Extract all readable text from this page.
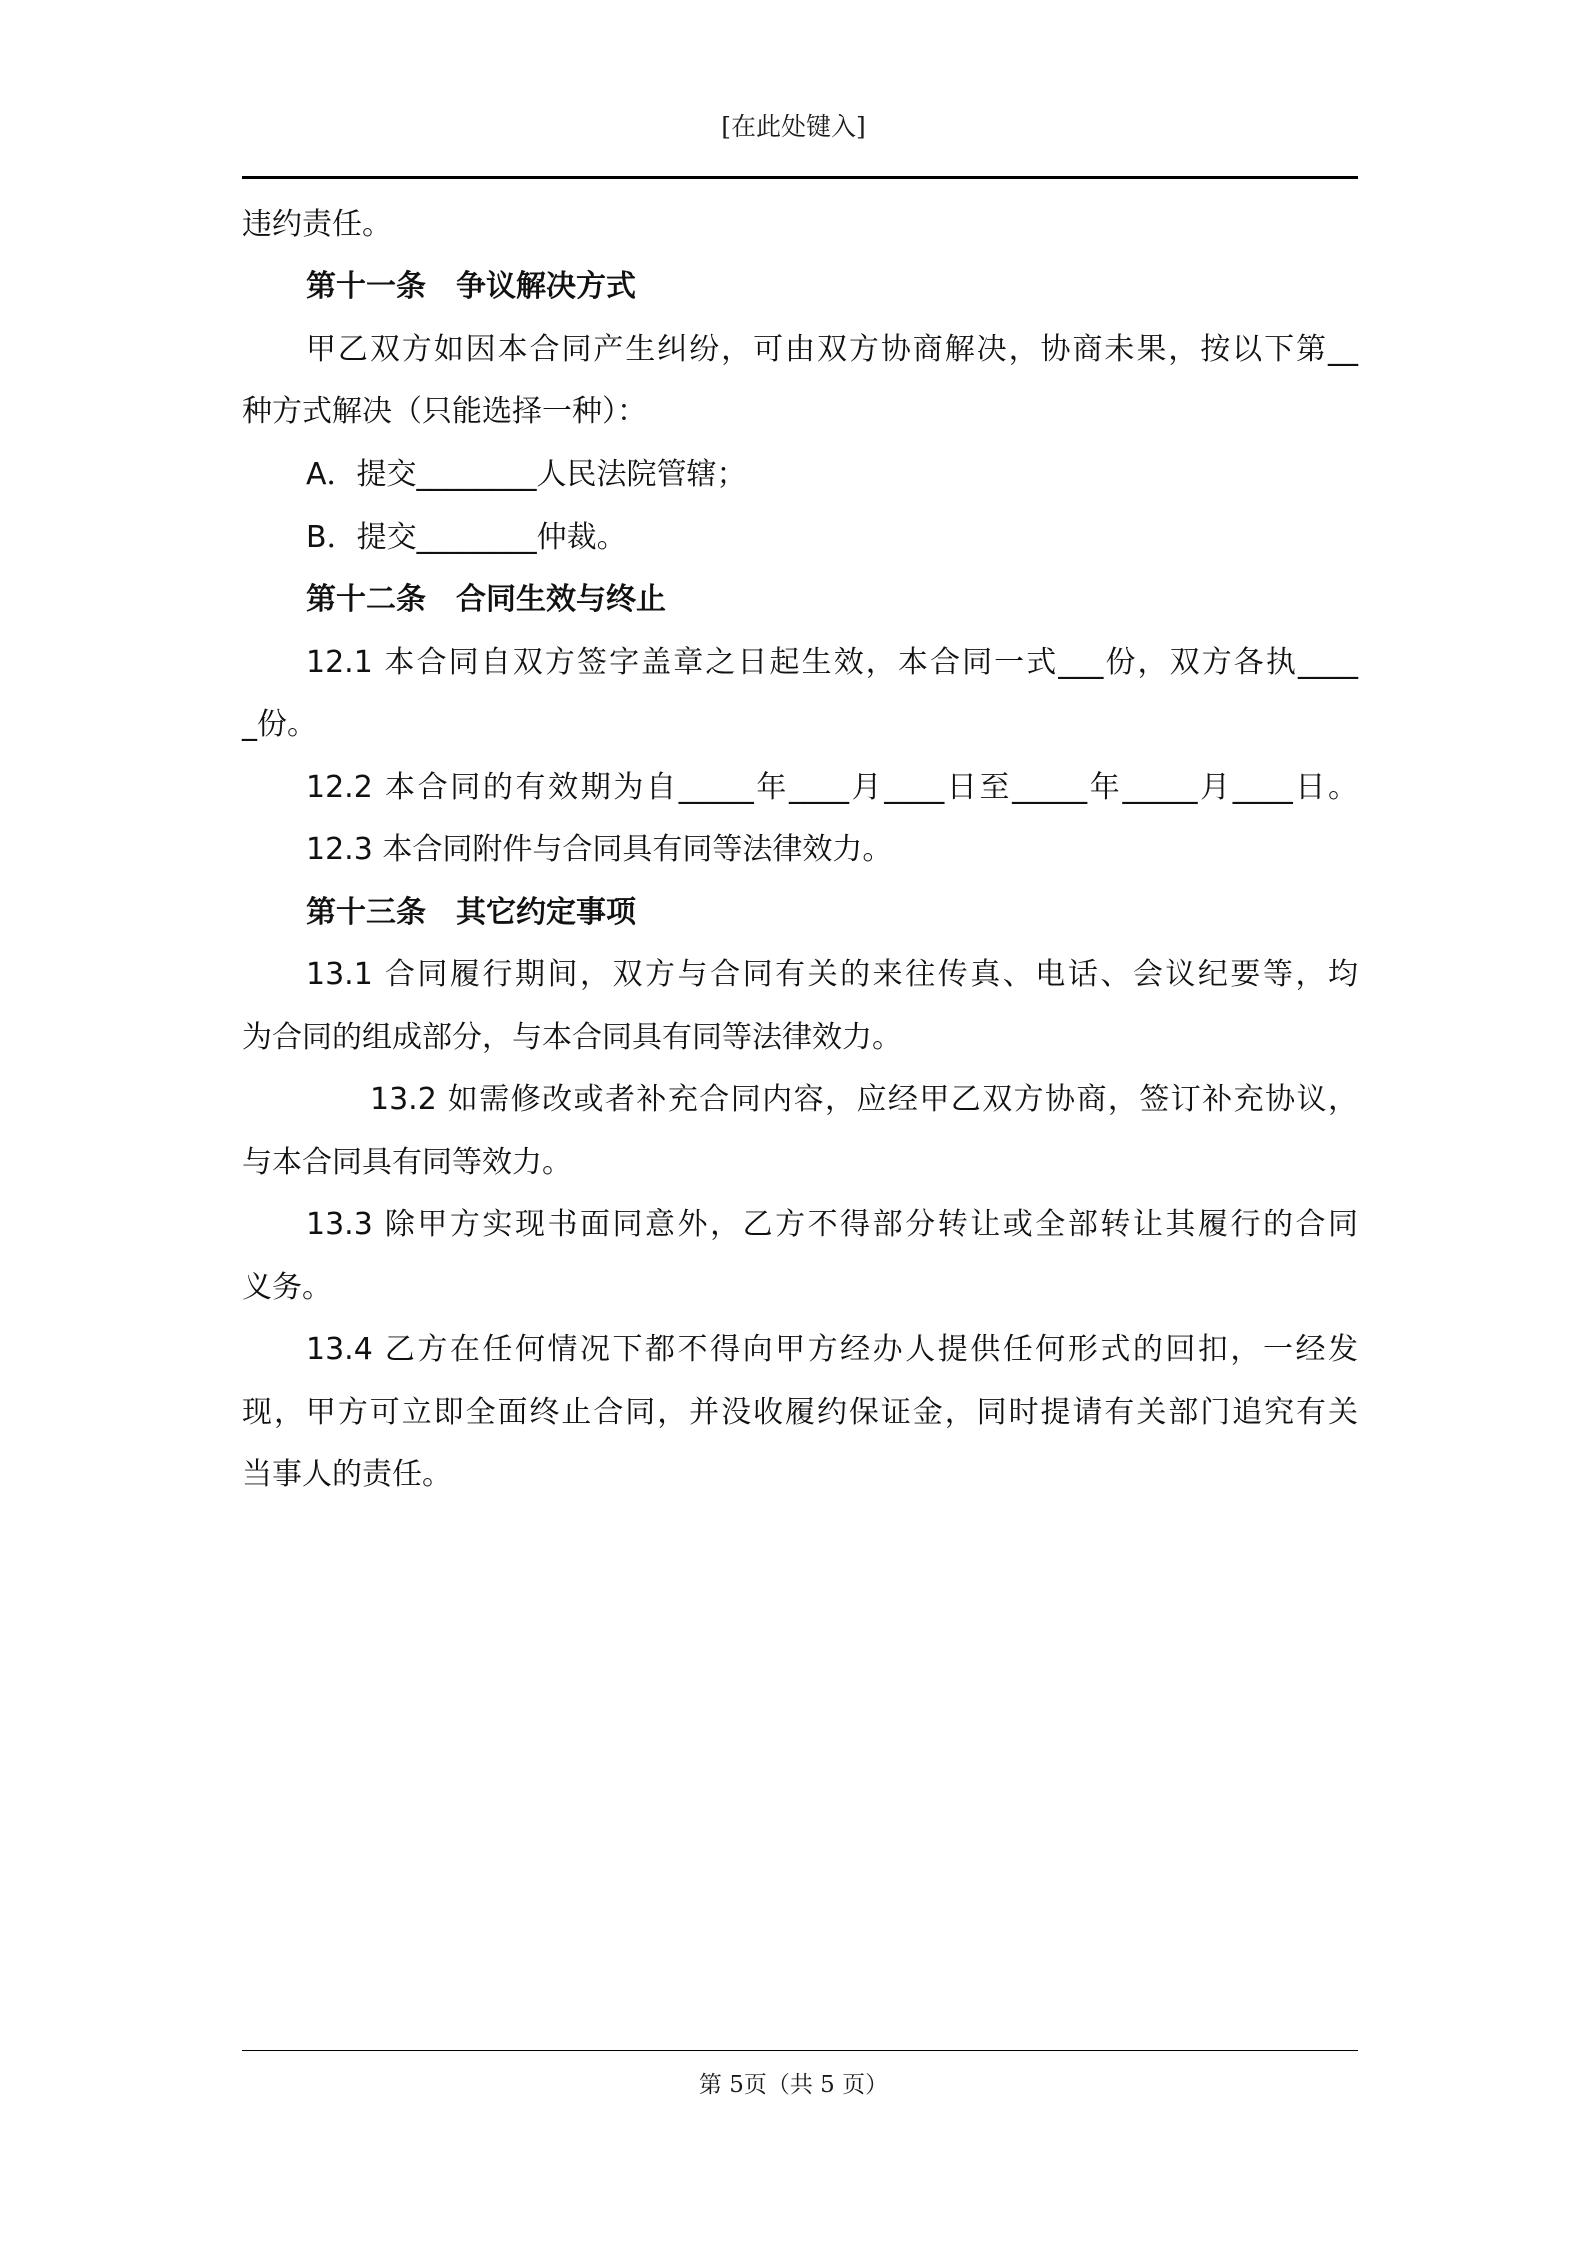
[在此处键入]
违约责任。
第十一条　争议解决方式
甲乙双方如因本合同产生纠纷，可由双方协商解决，协商未果，按以下第__
种方式解决（只能选择一种）：
A．提交________人民法院管辖；
B．提交________仲裁。
第十二条　合同生效与终止
12.1 本合同自双方签字盖章之日起生效，本合同一式___份，双方各执____
_份。
12.2 本合同的有效期为自_____年____月____日至_____年_____月____日。
12.3 本合同附件与合同具有同等法律效力。
第十三条　其它约定事项
13.1 合同履行期间，双方与合同有关的来往传真、电话、会议纪要等，均
为合同的组成部分，与本合同具有同等法律效力。
13.2 如需修改或者补充合同内容，应经甲乙双方协商，签订补充协议，
与本合同具有同等效力。
13.3 除甲方实现书面同意外，乙方不得部分转让或全部转让其履行的合同
义务。
13.4 乙方在任何情况下都不得向甲方经办人提供任何形式的回扣，一经发
现，甲方可立即全面终止合同，并没收履约保证金，同时提请有关部门追究有关
当事人的责任。
第 5页（共 5 页）
